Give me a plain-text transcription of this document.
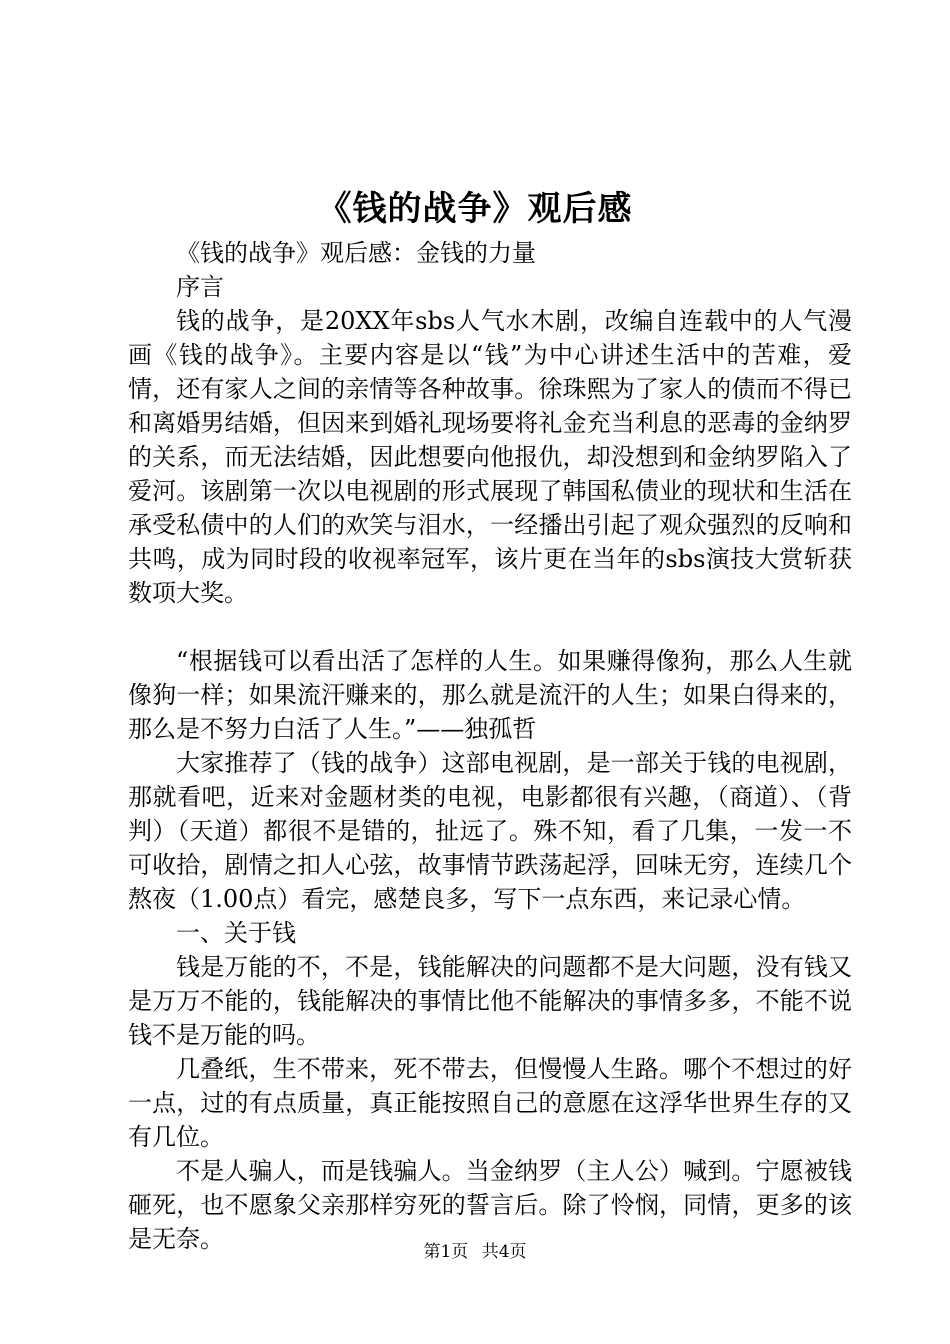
《钱的战争》观后感

《钱的战争》观后感：金钱的力量

序言

钱的战争，是20XX年sbs人气水木剧，改编自连载中的人气漫画《钱的战争》。主要内容是以“钱”为中心讲述生活中的苦难，爱情，还有家人之间的亲情等各种故事。徐珠熙为了家人的债而不得已和离婚男结婚，但因来到婚礼现场要将礼金充当利息的恶毒的金纳罗的关系，而无法结婚，因此想要向他报仇，却没想到和金纳罗陷入了爱河。该剧第一次以电视剧的形式展现了韩国私债业的现状和生活在承受私债中的人们的欢笑与泪水，一经播出引起了观众强烈的反响和共鸣，成为同时段的收视率冠军，该片更在当年的sbs演技大赏斩获数项大奖。

“根据钱可以看出活了怎样的人生。如果赚得像狗，那么人生就像狗一样；如果流汗赚来的，那么就是流汗的人生；如果白得来的，那么是不努力白活了人生。”——独孤哲

大家推荐了（钱的战争）这部电视剧，是一部关于钱的电视剧，那就看吧，近来对金题材类的电视，电影都很有兴趣，（商道）、（背判）（天道）都很不是错的，扯远了。殊不知，看了几集，一发一不可收拾，剧情之扣人心弦，故事情节跌荡起浮，回味无穷，连续几个熬夜（1.00点）看完，感楚良多，写下一点东西，来记录心情。

一、关于钱

钱是万能的不，不是，钱能解决的问题都不是大问题，没有钱又是万万不能的，钱能解决的事情比他不能解决的事情多多，不能不说钱不是万能的吗。

几叠纸，生不带来，死不带去，但慢慢人生路。哪个不想过的好一点，过的有点质量，真正能按照自己的意愿在这浮华世界生存的又有几位。

不是人骗人，而是钱骗人。当金纳罗（主人公）喊到。宁愿被钱砸死，也不愿象父亲那样穷死的誓言后。除了怜悯，同情，更多的该是无奈。	第1页 共4页
